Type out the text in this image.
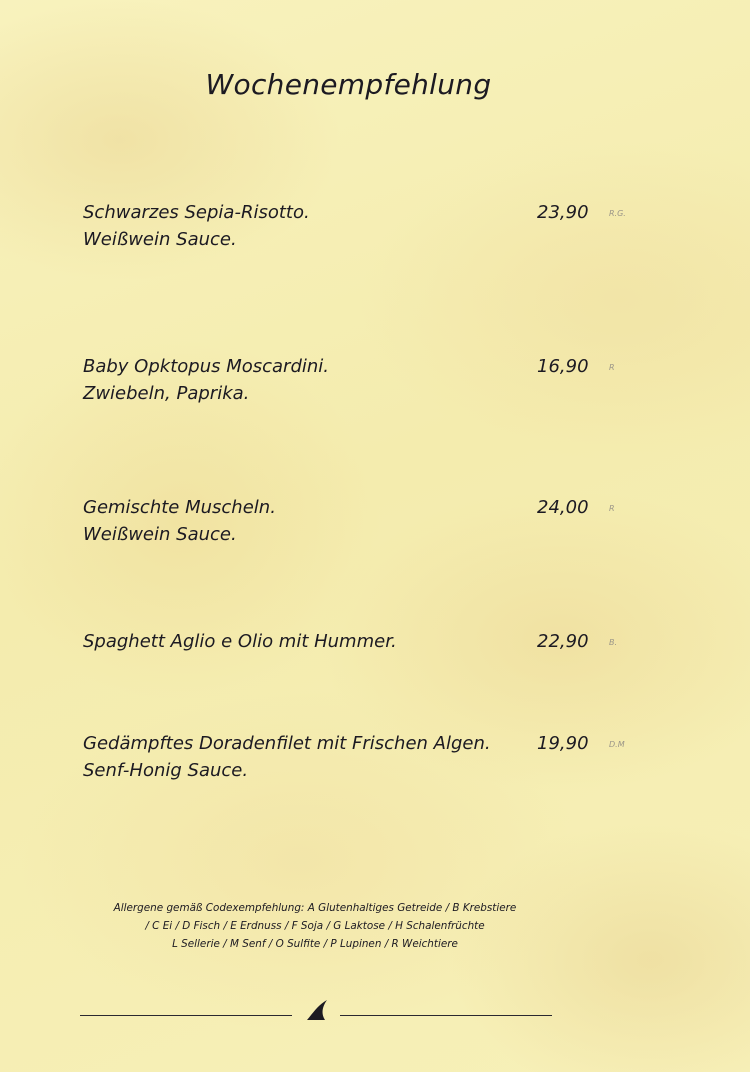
Wochenempfehlung
Schwarzes Sepia-Risotto.	23,90	R.G.
Weißwein Sauce.
Baby Opktopus Moscardini.	16,90	R
Zwiebeln, Paprika.
Gemischte Muscheln.	24,00	R
Weißwein Sauce.
Spaghett Aglio e Olio mit Hummer.	22,90	B.
Gedämpftes Doradenfilet mit Frischen Algen.	19,90	D.M
Senf-Honig Sauce.
Allergene gemäß Codexempfehlung: A Glutenhaltiges Getreide / B Krebstiere
/ C Ei / D Fisch / E Erdnuss / F Soja / G Laktose / H Schalenfrüchte
L Sellerie / M Senf / O Sulfite / P Lupinen / R Weichtiere
